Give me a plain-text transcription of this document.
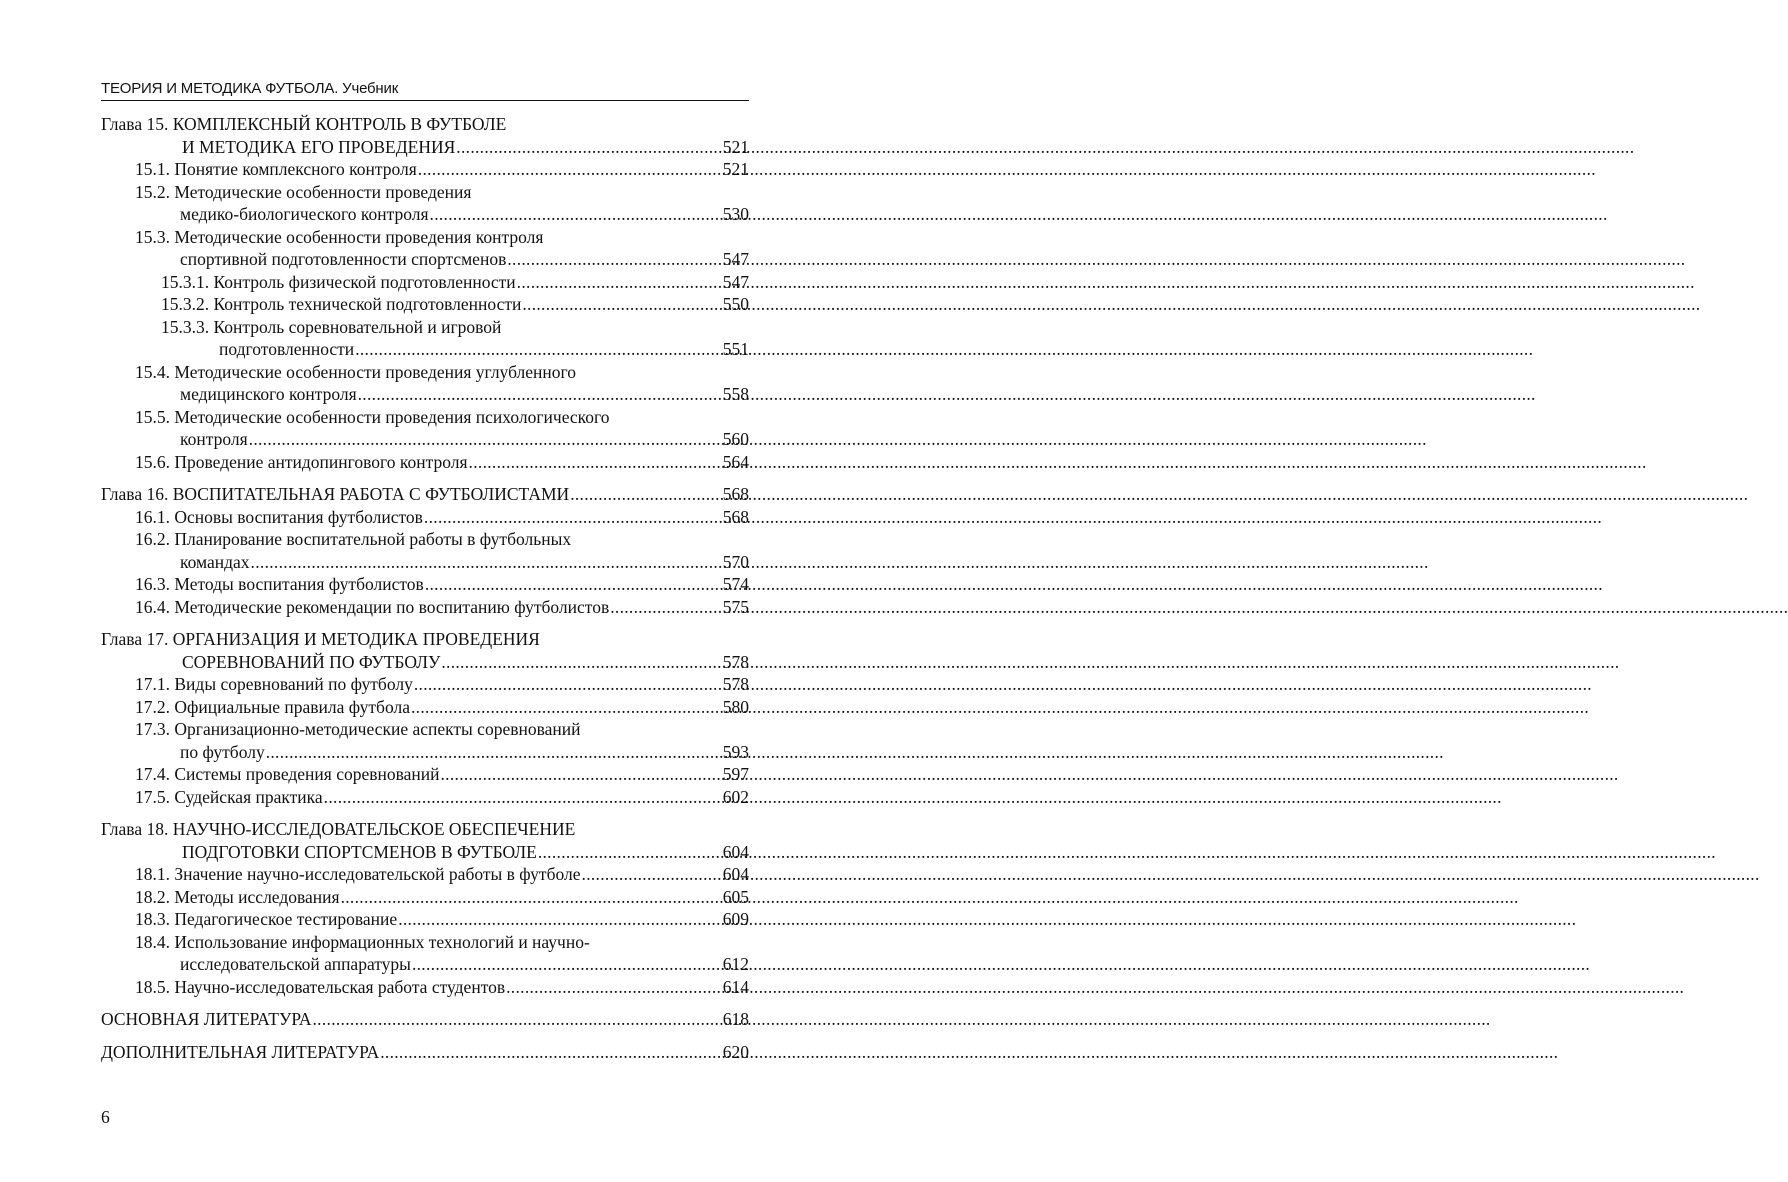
ТЕОРИЯ И МЕТОДИКА ФУТБОЛА. Учебник
Глава 15. КОМПЛЕКСНЫЙ КОНТРОЛЬ В ФУТБОЛЕ
И МЕТОДИКА ЕГО ПРОВЕДЕНИЯ .....	521
15.1. Понятие комплексного контроля .....	521
15.2. Методические особенности проведения
медико-биологического контроля .....	530
15.3. Методические особенности проведения контроля
спортивной подготовленности спортсменов .....	547
15.3.1. Контроль физической подготовленности .....	547
15.3.2. Контроль технической подготовленности .....	550
15.3.3. Контроль соревновательной и игровой
подготовленности .....	551
15.4. Методические особенности проведения углубленного
медицинского контроля .....	558
15.5. Методические особенности проведения психологического
контроля .....	560
15.6. Проведение антидопингового контроля .....	564
Глава 16. ВОСПИТАТЕЛЬНАЯ РАБОТА С ФУТБОЛИСТАМИ .....	568
16.1. Основы воспитания футболистов .....	568
16.2. Планирование воспитательной работы в футбольных
командах .....	570
16.3. Методы воспитания футболистов .....	574
16.4. Методические рекомендации по воспитанию футболистов .....	575
Глава 17. ОРГАНИЗАЦИЯ И МЕТОДИКА ПРОВЕДЕНИЯ
СОРЕВНОВАНИЙ ПО ФУТБОЛУ .....	578
17.1. Виды соревнований по футболу .....	578
17.2. Официальные правила футбола .....	580
17.3. Организационно-методические аспекты соревнований
по футболу .....	593
17.4. Системы проведения соревнований .....	597
17.5. Судейская практика .....	602
Глава 18. НАУЧНО-ИССЛЕДОВАТЕЛЬСКОЕ ОБЕСПЕЧЕНИЕ
ПОДГОТОВКИ СПОРТСМЕНОВ В ФУТБОЛЕ .....	604
18.1. Значение научно-исследовательской работы в футболе .....	604
18.2. Методы исследования .....	605
18.3. Педагогическое тестирование .....	609
18.4. Использование информационных технологий и научно-
исследовательской аппаратуры .....	612
18.5. Научно-исследовательская работа студентов .....	614
ОСНОВНАЯ ЛИТЕРАТУРА .....	618
ДОПОЛНИТЕЛЬНАЯ ЛИТЕРАТУРА .....	620
6
